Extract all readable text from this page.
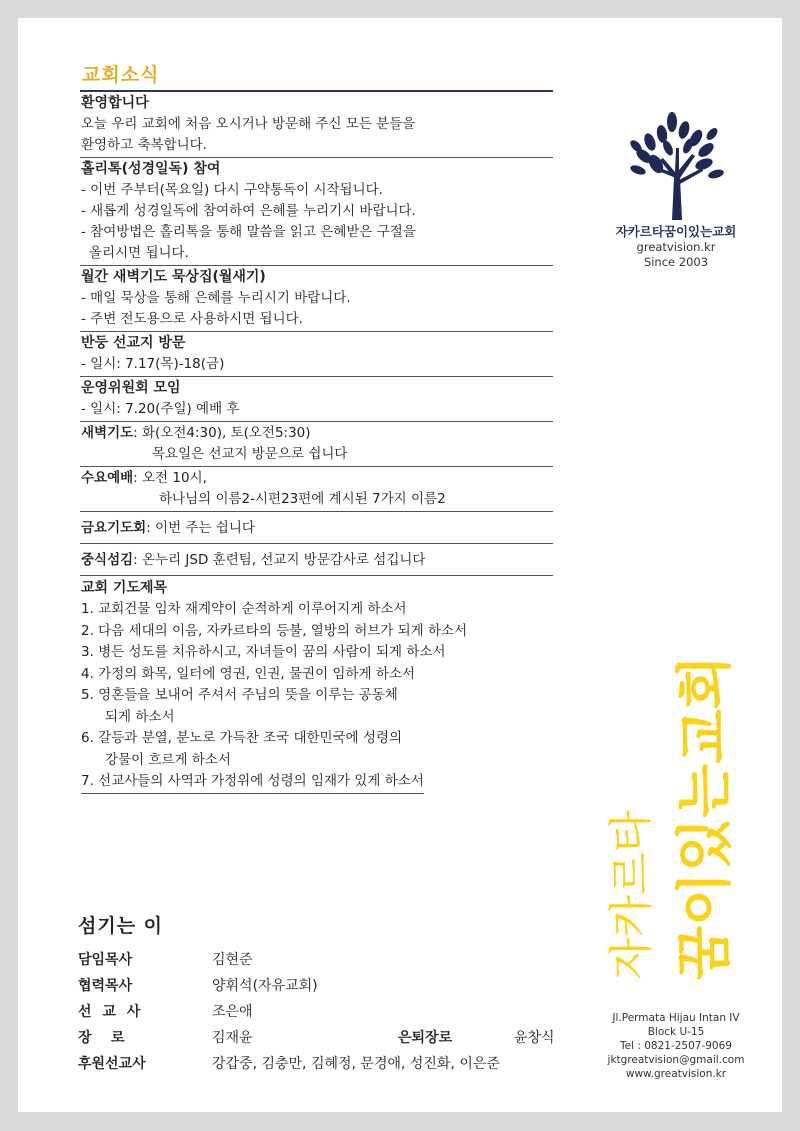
교회소식
환영합니다
오늘 우리 교회에 처음 오시거나 방문해 주신 모든 분들을
환영하고 축복합니다.
홀리톡(성경일독) 참여
- 이번 주부터(목요일) 다시 구약통독이 시작됩니다.
- 새롭게 성경일독에 참여하여 은혜를 누리기시 바랍니다.
- 참여방법은 홀리톡을 통해 말씀을 읽고 은혜받은 구절을
올리시면 됩니다.
월간 새벽기도 묵상집(월새기)
- 매일 묵상을 통해 은혜를 누리시기 바랍니다.
- 주변 전도용으로 사용하시면 됩니다.
반둥 선교지 방문
- 일시: 7.17(목)-18(금)
운영위원회 모임
- 일시: 7.20(주일) 예배 후
새벽기도: 화(오전4:30), 토(오전5:30)
목요일은 선교지 방문으로 쉽니다
수요예배: 오전 10시,
하나님의 이름2-시편23편에 계시된 7가지 이름2
금요기도회: 이번 주는 쉽니다
중식섬김: 온누리 JSD 훈련팀, 선교지 방문감사로 섬깁니다
교회 기도제목
1. 교회건물 임차 재계약이 순적하게 이루어지게 하소서
2. 다음 세대의 이음, 자카르타의 등불, 열방의 허브가 되게 하소서
3. 병든 성도를 치유하시고, 자녀들이 꿈의 사람이 되게 하소서
4. 가정의 화목, 일터에 영권, 인권, 물권이 임하게 하소서
5. 영혼들을 보내어 주셔서 주님의 뜻을 이루는 공동체
되게 하소서
6. 갈등과 분열, 분노로 가득찬 조국 대한민국에 성령의
강물이 흐르게 하소서
7. 선교사들의 사역과 가정위에 성령의 임재가 있게 하소서
섬기는 이
담임목사	김현준
협력목사	양휘석(자유교회)
선 교 사	조은애
장    로	김재윤	은퇴장로	윤창식
후원선교사	강갑중, 김충만, 김혜정, 문경애, 성진화, 이은준
자카르타꿈이있는교회
greatvision.kr
Since 2003
자카르타 꿈이있는교회
Jl.Permata Hijau Intan IV
Block U-15
Tel : 0821-2507-9069
jktgreatvision@gmail.com
www.greatvision.kr
